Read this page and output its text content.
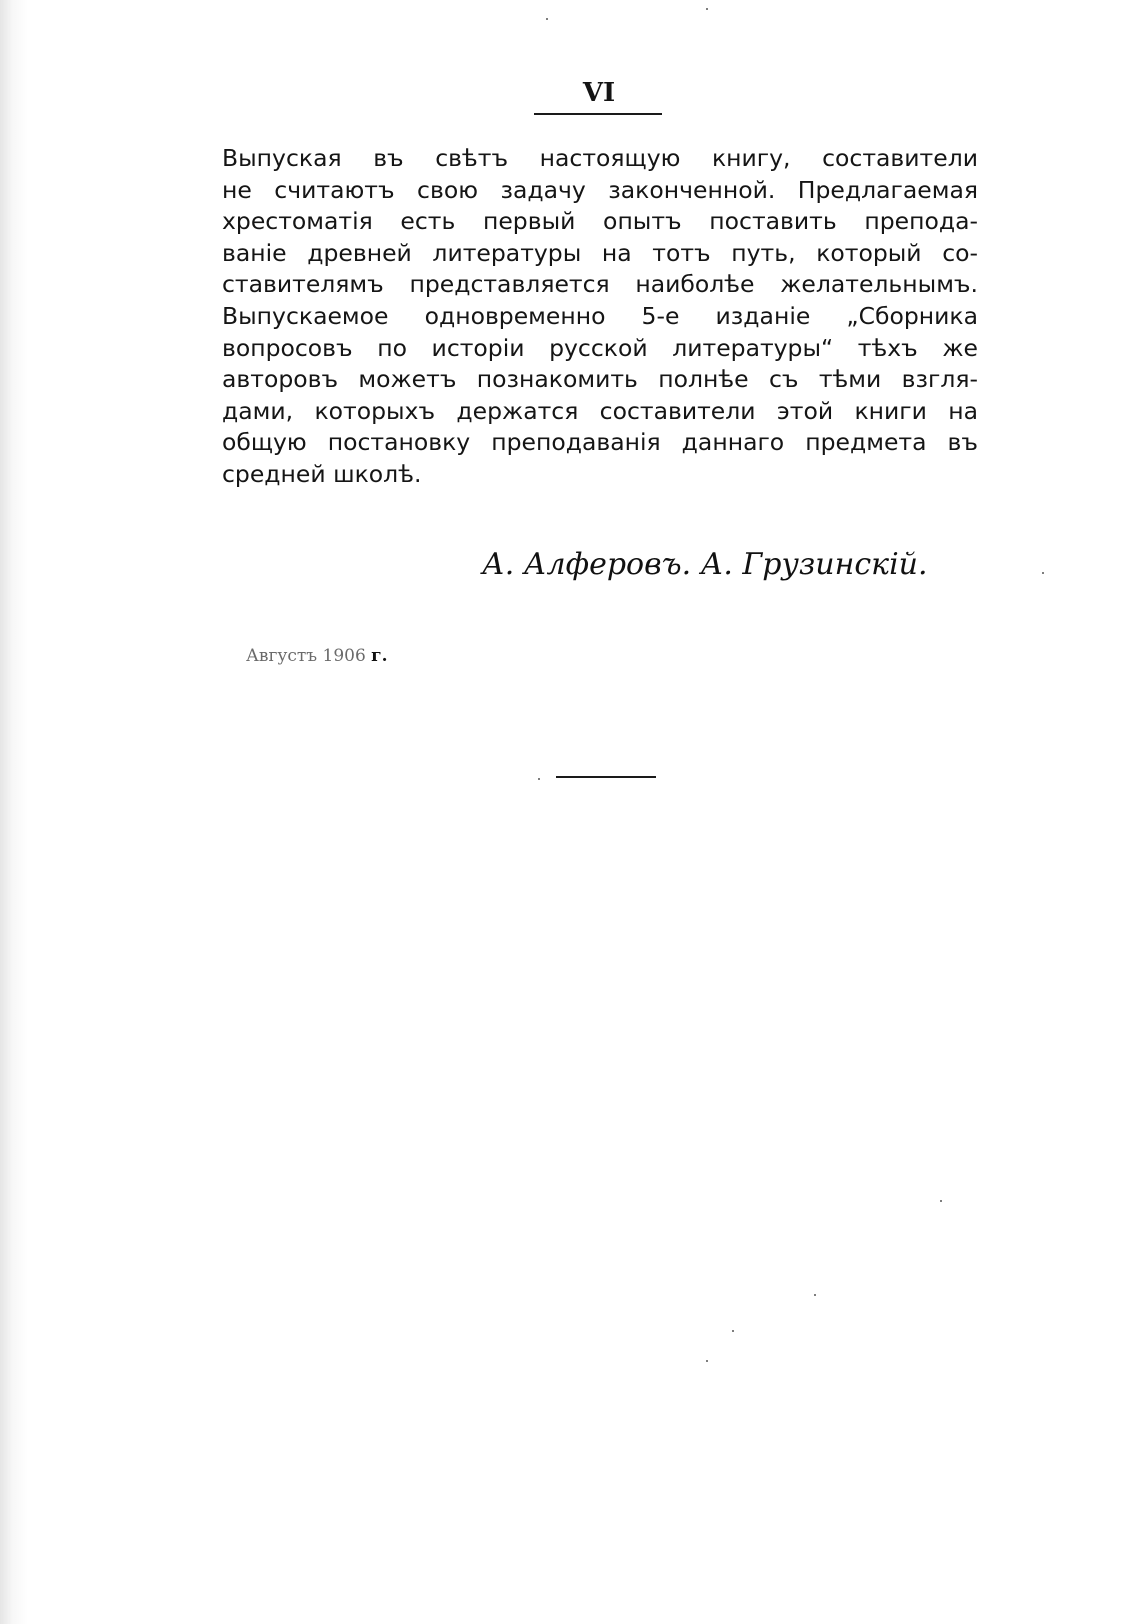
VI

Выпуская въ свѣтъ настоящую книгу, составители
не считаютъ свою задачу законченной. Предлагаемая
хрестоматія есть первый опытъ поставить препода-
ваніе древней литературы на тотъ путь, который со-
ставителямъ представляется наиболѣе желательнымъ.
Выпускаемое одновременно 5-е изданіе „Сборника
вопросовъ по исторіи русской литературы“ тѣхъ же
авторовъ можетъ познакомить полнѣе съ тѣми взгля-
дами, которыхъ держатся составители этой книги на
общую постановку преподаванія даннаго предмета въ
средней школѣ.

А. Алферовъ. А. Грузинскій.
Августъ 1906 г.
